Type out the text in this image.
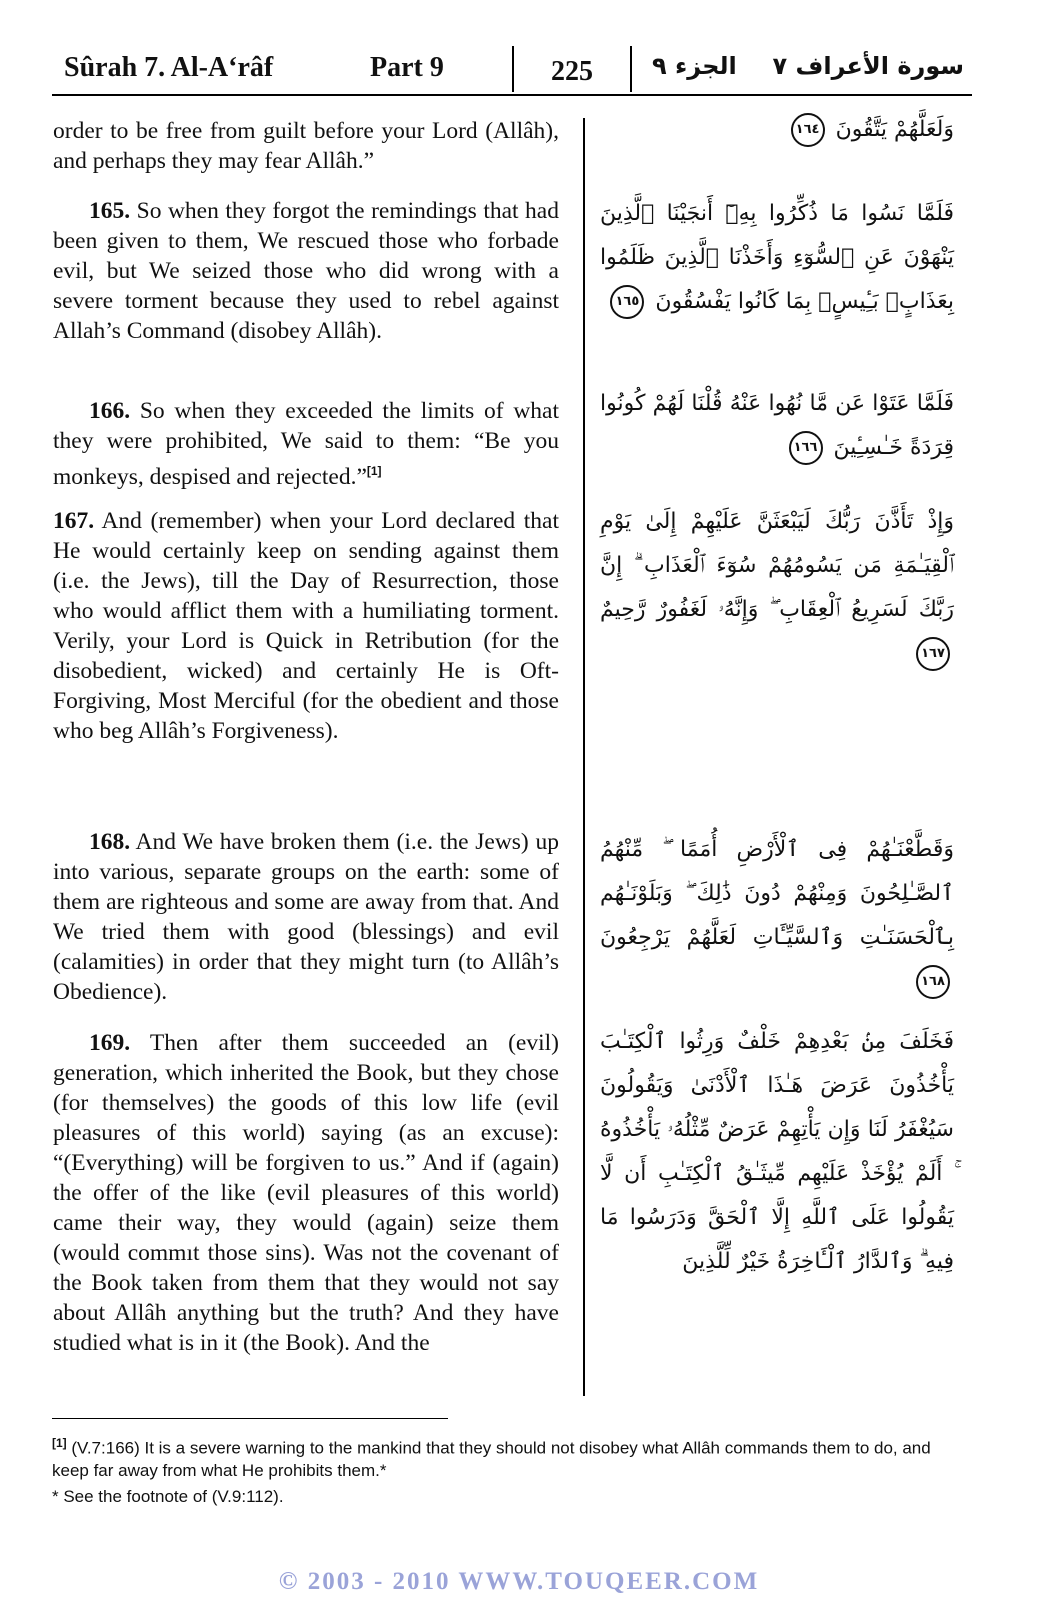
Sûrah 7. Al-A‘râf	Part 9	225	الجزء ٩ سورة الأعراف ٧
order to be free from guilt before your Lord (Allâh), and perhaps they may fear Allâh.”
165. So when they forgot the remindings that had been given to them, We rescued those who forbade evil, but We seized those who did wrong with a severe torment because they used to rebel against Allah’s Command (disobey Allâh).
166. So when they exceeded the limits of what they were prohibited, We said to them: “Be you monkeys, despised and rejected.”[1]
167. And (remember) when your Lord declared that He would certainly keep on sending against them (i.e. the Jews), till the Day of Resurrection, those who would afflict them with a humiliating torment. Verily, your Lord is Quick in Retribution (for the disobedient, wicked) and certainly He is Oft-Forgiving, Most Merciful (for the obedient and those who beg Allâh’s Forgiveness).
168. And We have broken them (i.e. the Jews) up into various, separate groups on the earth: some of them are righteous and some are away from that. And We tried them with good (blessings) and evil (calamities) in order that they might turn (to Allâh’s Obedience).
169. Then after them succeeded an (evil) generation, which inherited the Book, but they chose (for themselves) the goods of this low life (evil pleasures of this world) saying (as an excuse): “(Everything) will be forgiven to us.” And if (again) the offer of the like (evil pleasures of this world) came their way, they would (again) seize them (would commıt those sins). Was not the covenant of the Book taken from them that they would not say about Allâh anything but the truth? And they have studied what is in it (the Book). And the
وَلَعَلَّهُمْ يَتَّقُونَ ١٦٤
فَلَمَّا نَسُوا مَا ذُكِّرُوا بِهِۦٓ أَنجَيْنَا ٱلَّذِينَ يَنْهَوْنَ عَنِ ٱلسُّوٓءِ وَأَخَذْنَا ٱلَّذِينَ ظَلَمُوا بِعَذَابٍۭ بَـِٔيسٍۭ بِمَا كَانُوا يَفْسُقُونَ ١٦٥
فَلَمَّا عَتَوْا عَن مَّا نُهُوا عَنْهُ قُلْنَا لَهُمْ كُونُوا قِرَدَةً خَـٰسِـِٔينَ ١٦٦
وَإِذْ تَأَذَّنَ رَبُّكَ لَيَبْعَثَنَّ عَلَيْهِمْ إِلَىٰ يَوْمِ ٱلْقِيَـٰمَةِ مَن يَسُومُهُمْ سُوٓءَ ٱلْعَذَابِ ۗ إِنَّ رَبَّكَ لَسَرِيعُ ٱلْعِقَابِ ۖ وَإِنَّهُۥ لَغَفُورٌ رَّحِيمٌ ١٦٧
وَقَطَّعْنَـٰهُمْ فِى ٱلْأَرْضِ أُمَمًا ۖ مِّنْهُمُ ٱلصَّـٰلِحُونَ وَمِنْهُمْ دُونَ ذَٰلِكَ ۖ وَبَلَوْنَـٰهُم بِٱلْحَسَنَـٰتِ وَٱلسَّيِّـَٔاتِ لَعَلَّهُمْ يَرْجِعُونَ ١٦٨
فَخَلَفَ مِنۢ بَعْدِهِمْ خَلْفٌ وَرِثُوا ٱلْكِتَـٰبَ يَأْخُذُونَ عَرَضَ هَـٰذَا ٱلْأَدْنَىٰ وَيَقُولُونَ سَيُغْفَرُ لَنَا وَإِن يَأْتِهِمْ عَرَضٌ مِّثْلُهُۥ يَأْخُذُوهُ ۚ أَلَمْ يُؤْخَذْ عَلَيْهِم مِّيثَـٰقُ ٱلْكِتَـٰبِ أَن لَّا يَقُولُوا عَلَى ٱللَّهِ إِلَّا ٱلْحَقَّ وَدَرَسُوا مَا فِيهِ ۗ وَٱلدَّارُ ٱلْـَٔاخِرَةُ خَيْرٌ لِّلَّذِينَ
[1] (V.7:166) It is a severe warning to the mankind that they should not disobey what Allâh commands them to do, and keep far away from what He prohibits them.*
* See the footnote of (V.9:112).
© 2003 - 2010 WWW.TOUQEER.COM
